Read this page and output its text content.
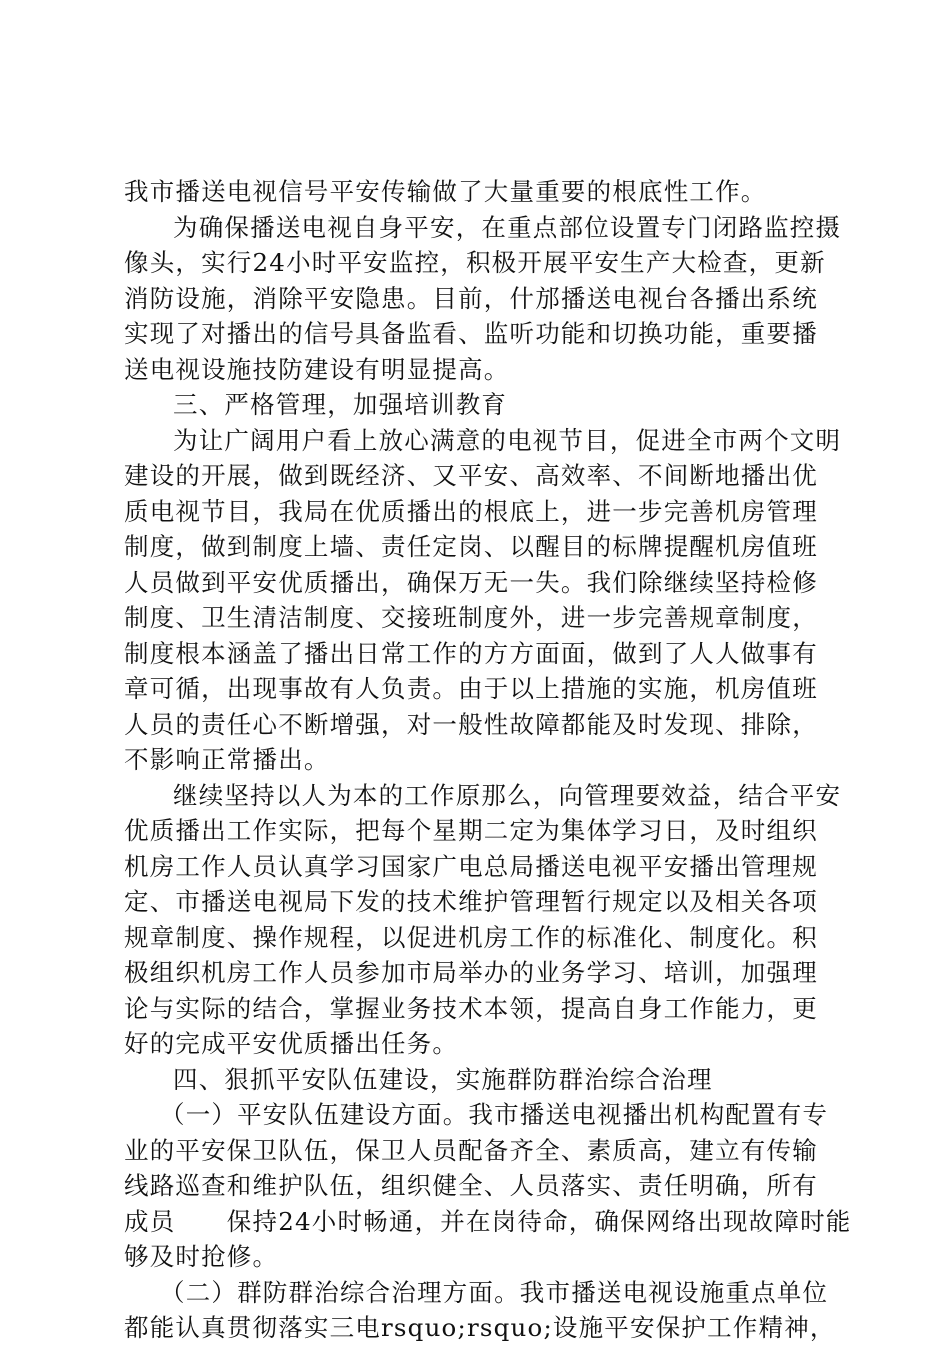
我市播送电视信号平安传输做了大量重要的根底性工作。
为确保播送电视自身平安，在重点部位设置专门闭路监控摄
像头，实行24小时平安监控，积极开展平安生产大检查，更新
消防设施，消除平安隐患。目前，什邡播送电视台各播出系统
实现了对播出的信号具备监看、监听功能和切换功能，重要播
送电视设施技防建设有明显提高。
三、严格管理，加强培训教育
为让广阔用户看上放心满意的电视节目，促进全市两个文明
建设的开展，做到既经济、又平安、高效率、不间断地播出优
质电视节目，我局在优质播出的根底上，进一步完善机房管理
制度，做到制度上墙、责任定岗、以醒目的标牌提醒机房值班
人员做到平安优质播出，确保万无一失。我们除继续坚持检修
制度、卫生清洁制度、交接班制度外，进一步完善规章制度，
制度根本涵盖了播出日常工作的方方面面，做到了人人做事有
章可循，出现事故有人负责。由于以上措施的实施，机房值班
人员的责任心不断增强，对一般性故障都能及时发现、排除，
不影响正常播出。
继续坚持以人为本的工作原那么，向管理要效益，结合平安
优质播出工作实际，把每个星期二定为集体学习日，及时组织
机房工作人员认真学习国家广电总局播送电视平安播出管理规
定、市播送电视局下发的技术维护管理暂行规定以及相关各项
规章制度、操作规程，以促进机房工作的标准化、制度化。积
极组织机房工作人员参加市局举办的业务学习、培训，加强理
论与实际的结合，掌握业务技术本领，提高自身工作能力，更
好的完成平安优质播出任务。
四、狠抓平安队伍建设，实施群防群治综合治理
（一）平安队伍建设方面。我市播送电视播出机构配置有专
业的平安保卫队伍，保卫人员配备齐全、素质高，建立有传输
线路巡查和维护队伍，组织健全、人员落实、责任明确，所有
成员　　保持24小时畅通，并在岗待命，确保网络出现故障时能
够及时抢修。
（二）群防群治综合治理方面。我市播送电视设施重点单位
都能认真贯彻落实三电rsquo;rsquo;设施平安保护工作精神，
